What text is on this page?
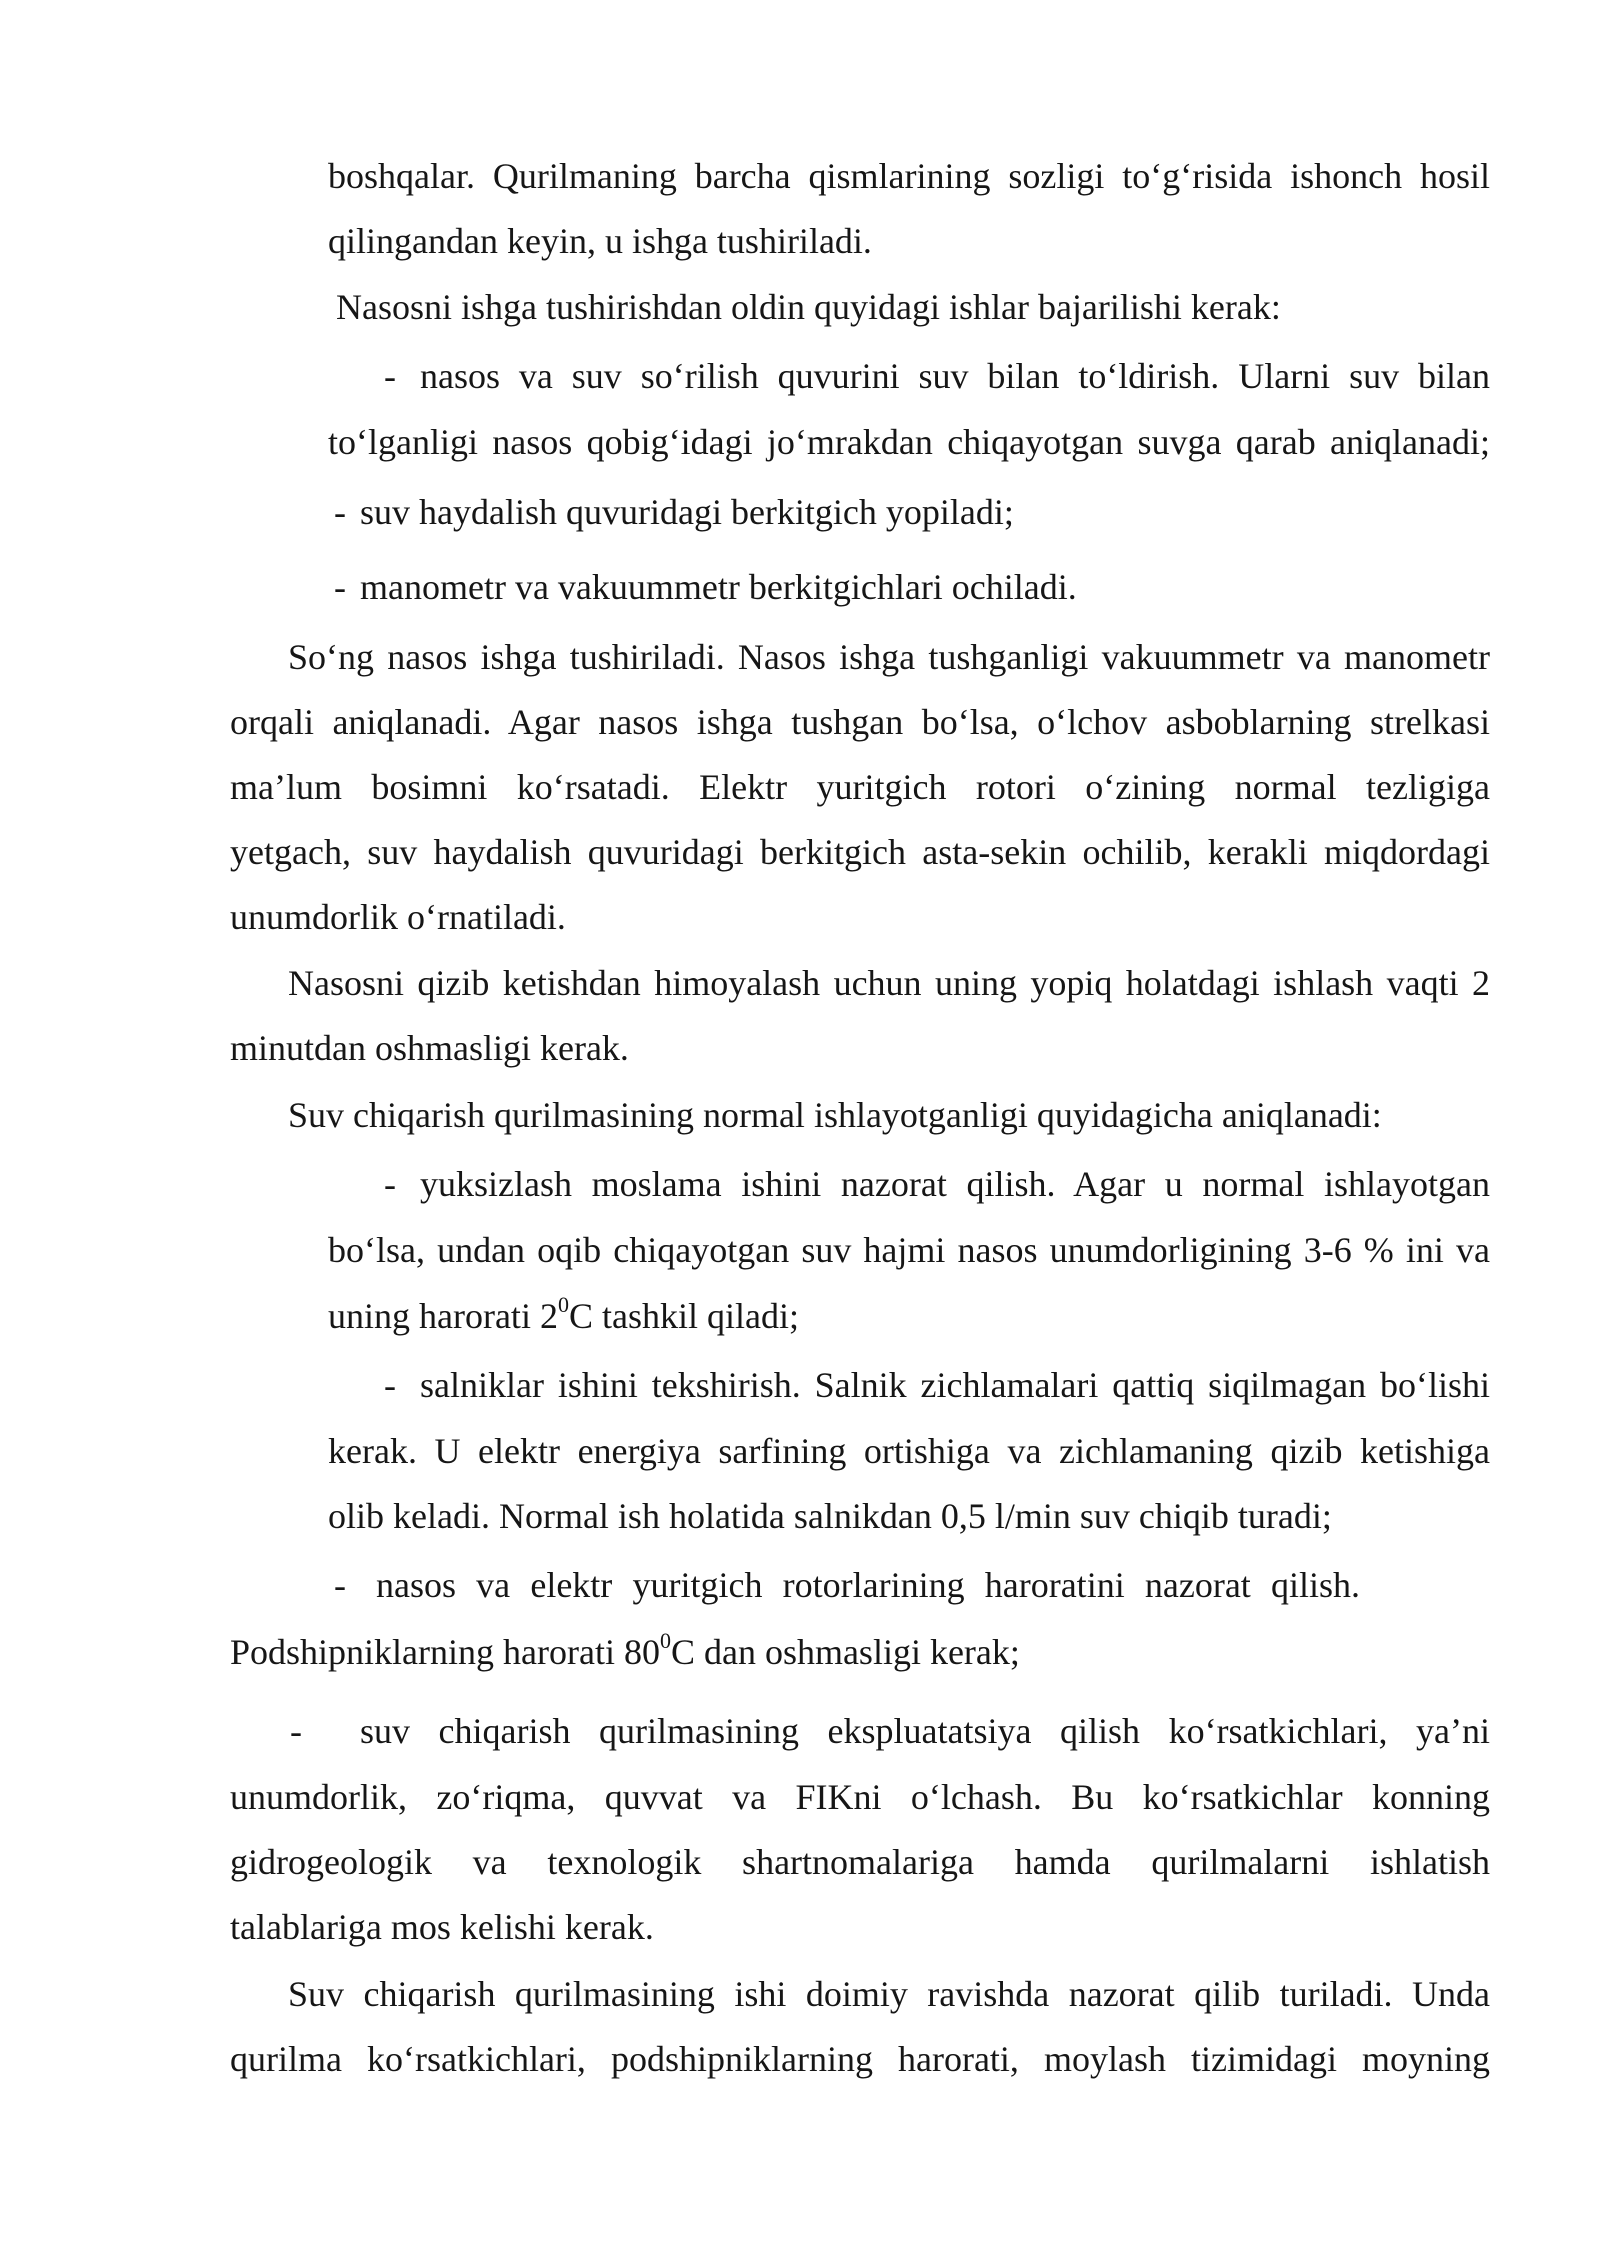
boshqalar. Qurilmaning barcha qismlarining sozligi to‘g‘risida ishonch hosil
qilingandan keyin, u ishga tushiriladi.
Nasosni ishga tushirishdan oldin quyidagi ishlar bajarilishi kerak:
- nasos va suv so‘rilish quvurini suv bilan to‘ldirish. Ularni suv bilan
to‘lganligi nasos qobig‘idagi jo‘mrakdan chiqayotgan suvga qarab aniqlanadi;
- suv haydalish quvuridagi berkitgich yopiladi;
- manometr va vakuummetr berkitgichlari ochiladi.
So‘ng nasos ishga tushiriladi. Nasos ishga tushganligi vakuummetr va manometr
orqali aniqlanadi. Agar nasos ishga tushgan bo‘lsa, o‘lchov asboblarning strelkasi
ma’lum bosimni ko‘rsatadi. Elektr yuritgich rotori o‘zining normal tezligiga
yetgach, suv haydalish quvuridagi berkitgich asta-sekin ochilib, kerakli miqdordagi
unumdorlik o‘rnatiladi.
Nasosni qizib ketishdan himoyalash uchun uning yopiq holatdagi ishlash vaqti 2
minutdan oshmasligi kerak.
Suv chiqarish qurilmasining normal ishlayotganligi quyidagicha aniqlanadi:
- yuksizlash moslama ishini nazorat qilish. Agar u normal ishlayotgan
bo‘lsa, undan oqib chiqayotgan suv hajmi nasos unumdorligining 3-6 % ini va
uning harorati $2^0C$ tashkil qiladi;
- salniklar ishini tekshirish. Salnik zichlamalari qattiq siqilmagan bo‘lishi
kerak. U elektr energiya sarfining ortishiga va zichlamaning qizib ketishiga
olib keladi. Normal ish holatida salnikdan 0,5 l/min suv chiqib turadi;
- nasos va elektr yuritgich rotorlarining haroratini nazorat qilish.
Podshipniklarning harorati $80^0C$ dan oshmasligi kerak;
- suv chiqarish qurilmasining ekspluatatsiya qilish ko‘rsatkichlari, ya’ni
unumdorlik, zo‘riqma, quvvat va FIKni o‘lchash. Bu ko‘rsatkichlar konning
gidrogeologik va texnologik shartnomalariga hamda qurilmalarni ishlatish
talablariga mos kelishi kerak.
Suv chiqarish qurilmasining ishi doimiy ravishda nazorat qilib turiladi. Unda
qurilma ko‘rsatkichlari, podshipniklarning harorati, moylash tizimidagi moyning
